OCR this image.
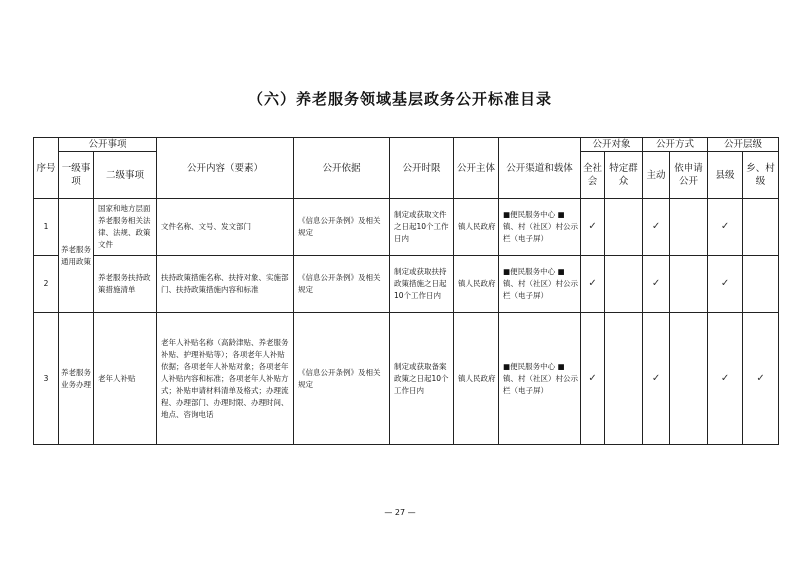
（六）养老服务领域基层政务公开标准目录
序号	公开事项		公开内容（要素）	公开依据	公开时限	公开主体	公开渠道和载体	公开对象		公开方式		公开层级	
	一级事项	二级事项						全社会	特定群众	主动	依申请公开	县级	乡、村级
1	养老服务通用政策	国家和地方层面养老服务相关法律、法规、政策文件	文件名称、文号、发文部门	《信息公开条例》及相关规定	制定或获取文件之日起10个工作日内	镇人民政府	■便民服务中心 ■镇、村（社区）村公示栏（电子屏）	✓		✓		✓	
2		养老服务扶持政策措施清单	扶持政策措施名称、扶持对象、实施部门、扶持政策措施内容和标准	《信息公开条例》及相关规定	制定或获取扶持政策措施之日起10个工作日内	镇人民政府	■便民服务中心 ■镇、村（社区）村公示栏（电子屏）	✓		✓		✓	
3	养老服务业务办理	老年人补贴	老年人补贴名称（高龄津贴、养老服务补贴、护理补贴等）；各项老年人补贴依据；各项老年人补贴对象；各项老年人补贴内容和标准；各项老年人补贴方式；补贴申请材料清单及格式；办理流程、办理部门、办理时限、办理时间、地点、咨询电话	《信息公开条例》及相关规定	制定或获取备案政策之日起10个工作日内	镇人民政府	■便民服务中心 ■镇、村（社区）村公示栏（电子屏）	✓		✓		✓	✓
— 27 —
